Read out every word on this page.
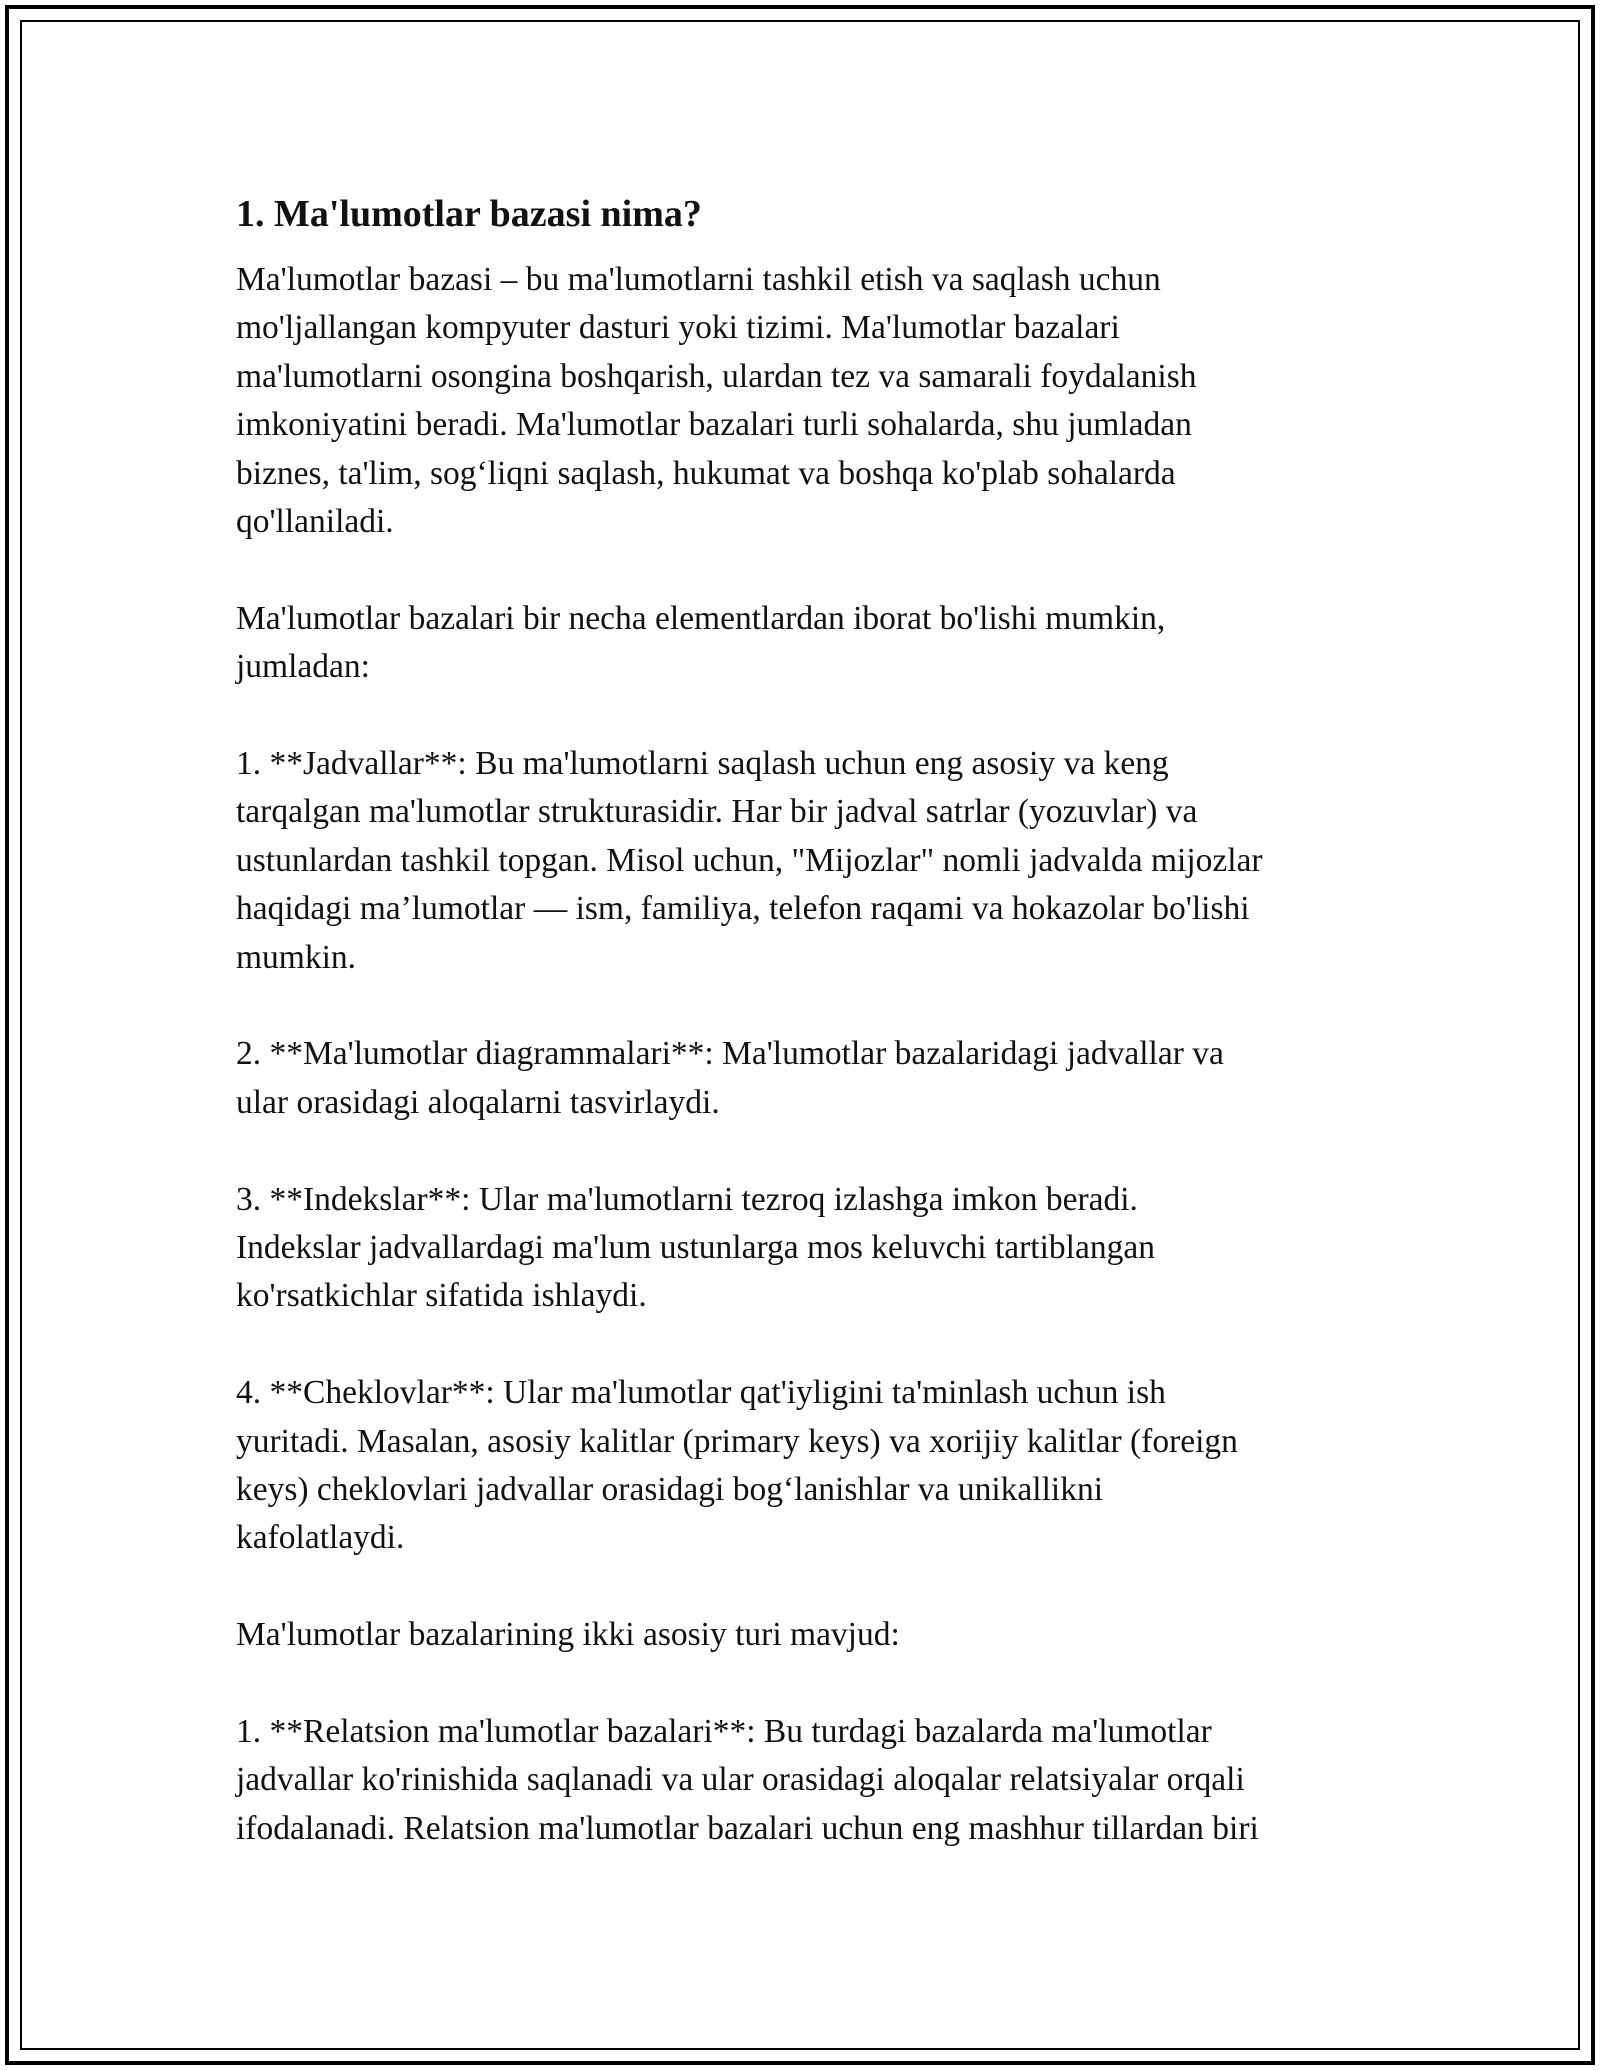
1. Ma'lumotlar bazasi nima?
Ma'lumotlar bazasi – bu ma'lumotlarni tashkil etish va saqlash uchun
mo'ljallangan kompyuter dasturi yoki tizimi. Ma'lumotlar bazalari
ma'lumotlarni osongina boshqarish, ulardan tez va samarali foydalanish
imkoniyatini beradi. Ma'lumotlar bazalari turli sohalarda, shu jumladan
biznes, ta'lim, sog‘liqni saqlash, hukumat va boshqa ko'plab sohalarda
qo'llaniladi.
Ma'lumotlar bazalari bir necha elementlardan iborat bo'lishi mumkin,
jumladan:
1. **Jadvallar**: Bu ma'lumotlarni saqlash uchun eng asosiy va keng
tarqalgan ma'lumotlar strukturasidir. Har bir jadval satrlar (yozuvlar) va
ustunlardan tashkil topgan. Misol uchun, "Mijozlar" nomli jadvalda mijozlar
haqidagi ma’lumotlar — ism, familiya, telefon raqami va hokazolar bo'lishi
mumkin.
2. **Ma'lumotlar diagrammalari**: Ma'lumotlar bazalaridagi jadvallar va
ular orasidagi aloqalarni tasvirlaydi.
3. **Indekslar**: Ular ma'lumotlarni tezroq izlashga imkon beradi.
Indekslar jadvallardagi ma'lum ustunlarga mos keluvchi tartiblangan
ko'rsatkichlar sifatida ishlaydi.
4. **Cheklovlar**: Ular ma'lumotlar qat'iyligini ta'minlash uchun ish
yuritadi. Masalan, asosiy kalitlar (primary keys) va xorijiy kalitlar (foreign
keys) cheklovlari jadvallar orasidagi bog‘lanishlar va unikallikni
kafolatlaydi.
Ma'lumotlar bazalarining ikki asosiy turi mavjud:
1. **Relatsion ma'lumotlar bazalari**: Bu turdagi bazalarda ma'lumotlar
jadvallar ko'rinishida saqlanadi va ular orasidagi aloqalar relatsiyalar orqali
ifodalanadi. Relatsion ma'lumotlar bazalari uchun eng mashhur tillardan biri
